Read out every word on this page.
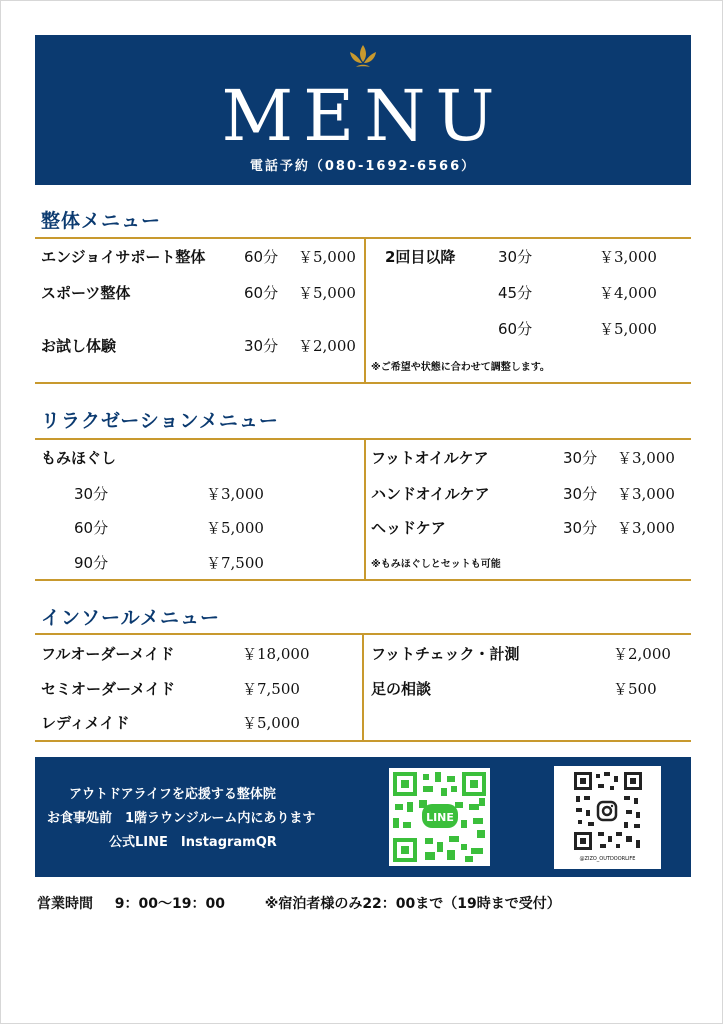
MENU
電話予約（080-1692-6566）
整体メニュー
エンジョイサポート整体	60分 ￥5,000
スポーツ整体	60分 ￥5,000
お試し体験	30分 ￥2,000
2回目以降	30分	￥3,000
45分	￥4,000
60分	￥5,000
※ご希望や状態に合わせて調整します。
リラクゼーションメニュー
もみほぐし
30分	￥3,000
60分	￥5,000
90分	￥7,500
フットオイルケア	30分 ￥3,000
ハンドオイルケア	30分 ￥3,000
ヘッドケア	30分 ￥3,000
※もみほぐしとセットも可能
インソールメニュー
フルオーダーメイド	￥18,000
セミオーダーメイド	￥7,500
レディメイド	￥5,000
フットチェック・計測	￥2,000
足の相談	￥500
アウトドアライフを応援する整体院
お食事処前　1階ラウンジルーム内にあります
公式LINE　InstagramQR
LINE
@ZIZO_OUTDOORLIFE
営業時間 9：00〜19：00	※宿泊者様のみ22：00まで（19時まで受付）
